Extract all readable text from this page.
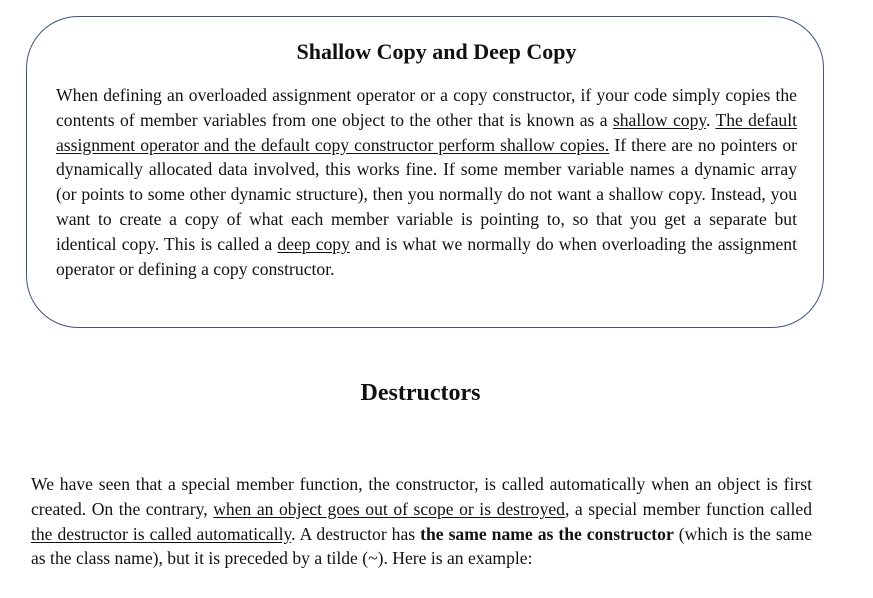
Shallow Copy and Deep Copy

When defining an overloaded assignment operator or a copy constructor, if your code simply copies the contents of member variables from one object to the other that is known as a shallow copy. The default assignment operator and the default copy constructor perform shallow copies. If there are no pointers or dynamically allocated data involved, this works fine. If some member variable names a dynamic array (or points to some other dynamic structure), then you normally do not want a shallow copy. Instead, you want to create a copy of what each member variable is pointing to, so that you get a separate but identical copy. This is called a deep copy and is what we normally do when overloading the assignment operator or defining a copy constructor.

Destructors

We have seen that a special member function, the constructor, is called automatically when an object is first created. On the contrary, when an object goes out of scope or is destroyed, a special member function called the destructor is called automatically. A destructor has the same name as the constructor (which is the same as the class name), but it is preceded by a tilde (~). Here is an example:
